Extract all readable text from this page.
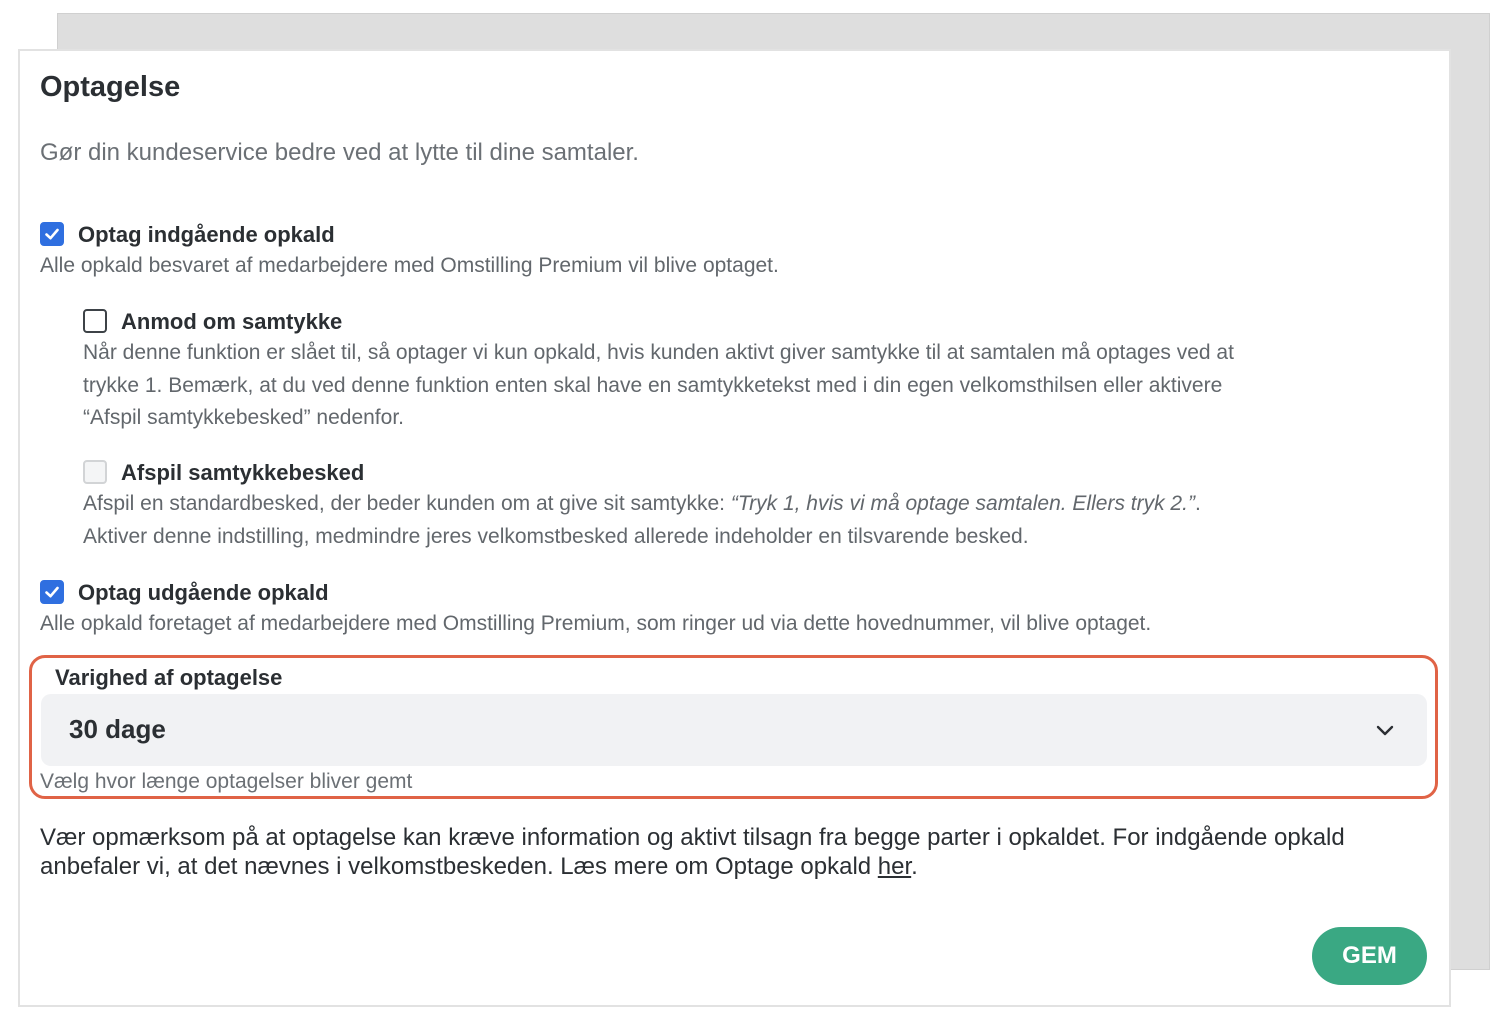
Optagelse
Gør din kundeservice bedre ved at lytte til dine samtaler.
Optag indgående opkald
Alle opkald besvaret af medarbejdere med Omstilling Premium vil blive optaget.
Anmod om samtykke
Når denne funktion er slået til, så optager vi kun opkald, hvis kunden aktivt giver samtykke til at samtalen må optages ved at
trykke 1. Bemærk, at du ved denne funktion enten skal have en samtykketekst med i din egen velkomsthilsen eller aktivere
“Afspil samtykkebesked” nedenfor.
Afspil samtykkebesked
Afspil en standardbesked, der beder kunden om at give sit samtykke: “Tryk 1, hvis vi må optage samtalen. Ellers tryk 2.”.
Aktiver denne indstilling, medmindre jeres velkomstbesked allerede indeholder en tilsvarende besked.
Optag udgående opkald
Alle opkald foretaget af medarbejdere med Omstilling Premium, som ringer ud via dette hovednummer, vil blive optaget.
Varighed af optagelse
30 dage
Vælg hvor længe optagelser bliver gemt
Vær opmærksom på at optagelse kan kræve information og aktivt tilsagn fra begge parter i opkaldet. For indgående opkald
anbefaler vi, at det nævnes i velkomstbeskeden. Læs mere om Optage opkald her.
GEM
